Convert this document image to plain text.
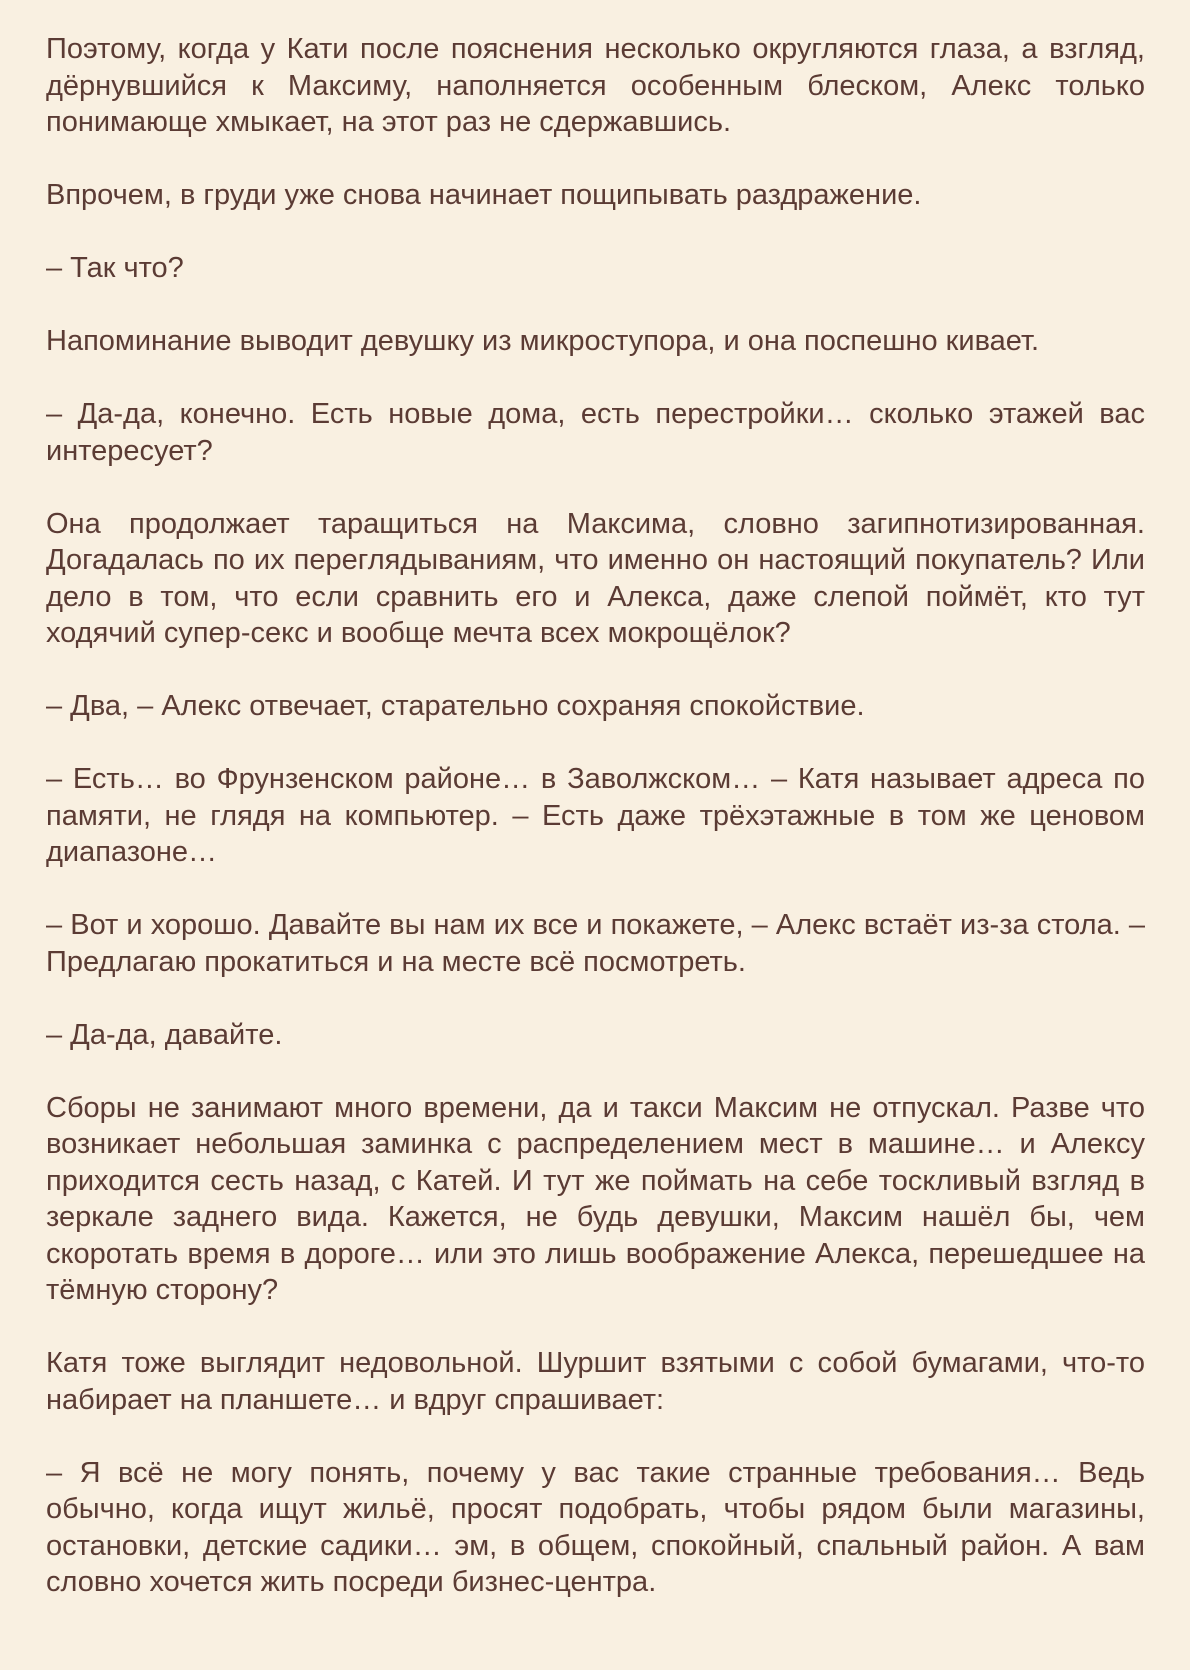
Поэтому, когда у Кати после пояснения несколько округляются глаза, а взгляд, дёрнувшийся к Максиму, наполняется особенным блеском, Алекс только понимающе хмыкает, на этот раз не сдержавшись.

Впрочем, в груди уже снова начинает пощипывать раздражение.

– Так что?

Напоминание выводит девушку из микроступора, и она поспешно кивает.

– Да-да, конечно. Есть новые дома, есть перестройки… сколько этажей вас интересует?

Она продолжает таращиться на Максима, словно загипнотизированная. Догадалась по их переглядываниям, что именно он настоящий покупатель? Или дело в том, что если сравнить его и Алекса, даже слепой поймёт, кто тут ходячий супер-секс и вообще мечта всех мокрощёлок?

– Два, – Алекс отвечает, старательно сохраняя спокойствие.

– Есть… во Фрунзенском районе… в Заволжском… – Катя называет адреса по памяти, не глядя на компьютер. – Есть даже трёхэтажные в том же ценовом диапазоне…

– Вот и хорошо. Давайте вы нам их все и покажете, – Алекс встаёт из-за стола. – Предлагаю прокатиться и на месте всё посмотреть.

– Да-да, давайте.

Сборы не занимают много времени, да и такси Максим не отпускал. Разве что возникает небольшая заминка с распределением мест в машине… и Алексу приходится сесть назад, с Катей. И тут же поймать на себе тоскливый взгляд в зеркале заднего вида. Кажется, не будь девушки, Максим нашёл бы, чем скоротать время в дороге… или это лишь воображение Алекса, перешедшее на тёмную сторону?

Катя тоже выглядит недовольной. Шуршит взятыми с собой бумагами, что-то набирает на планшете… и вдруг спрашивает:

– Я всё не могу понять, почему у вас такие странные требования… Ведь обычно, когда ищут жильё, просят подобрать, чтобы рядом были магазины, остановки, детские садики… эм, в общем, спокойный, спальный район. А вам словно хочется жить посреди бизнес-центра.
